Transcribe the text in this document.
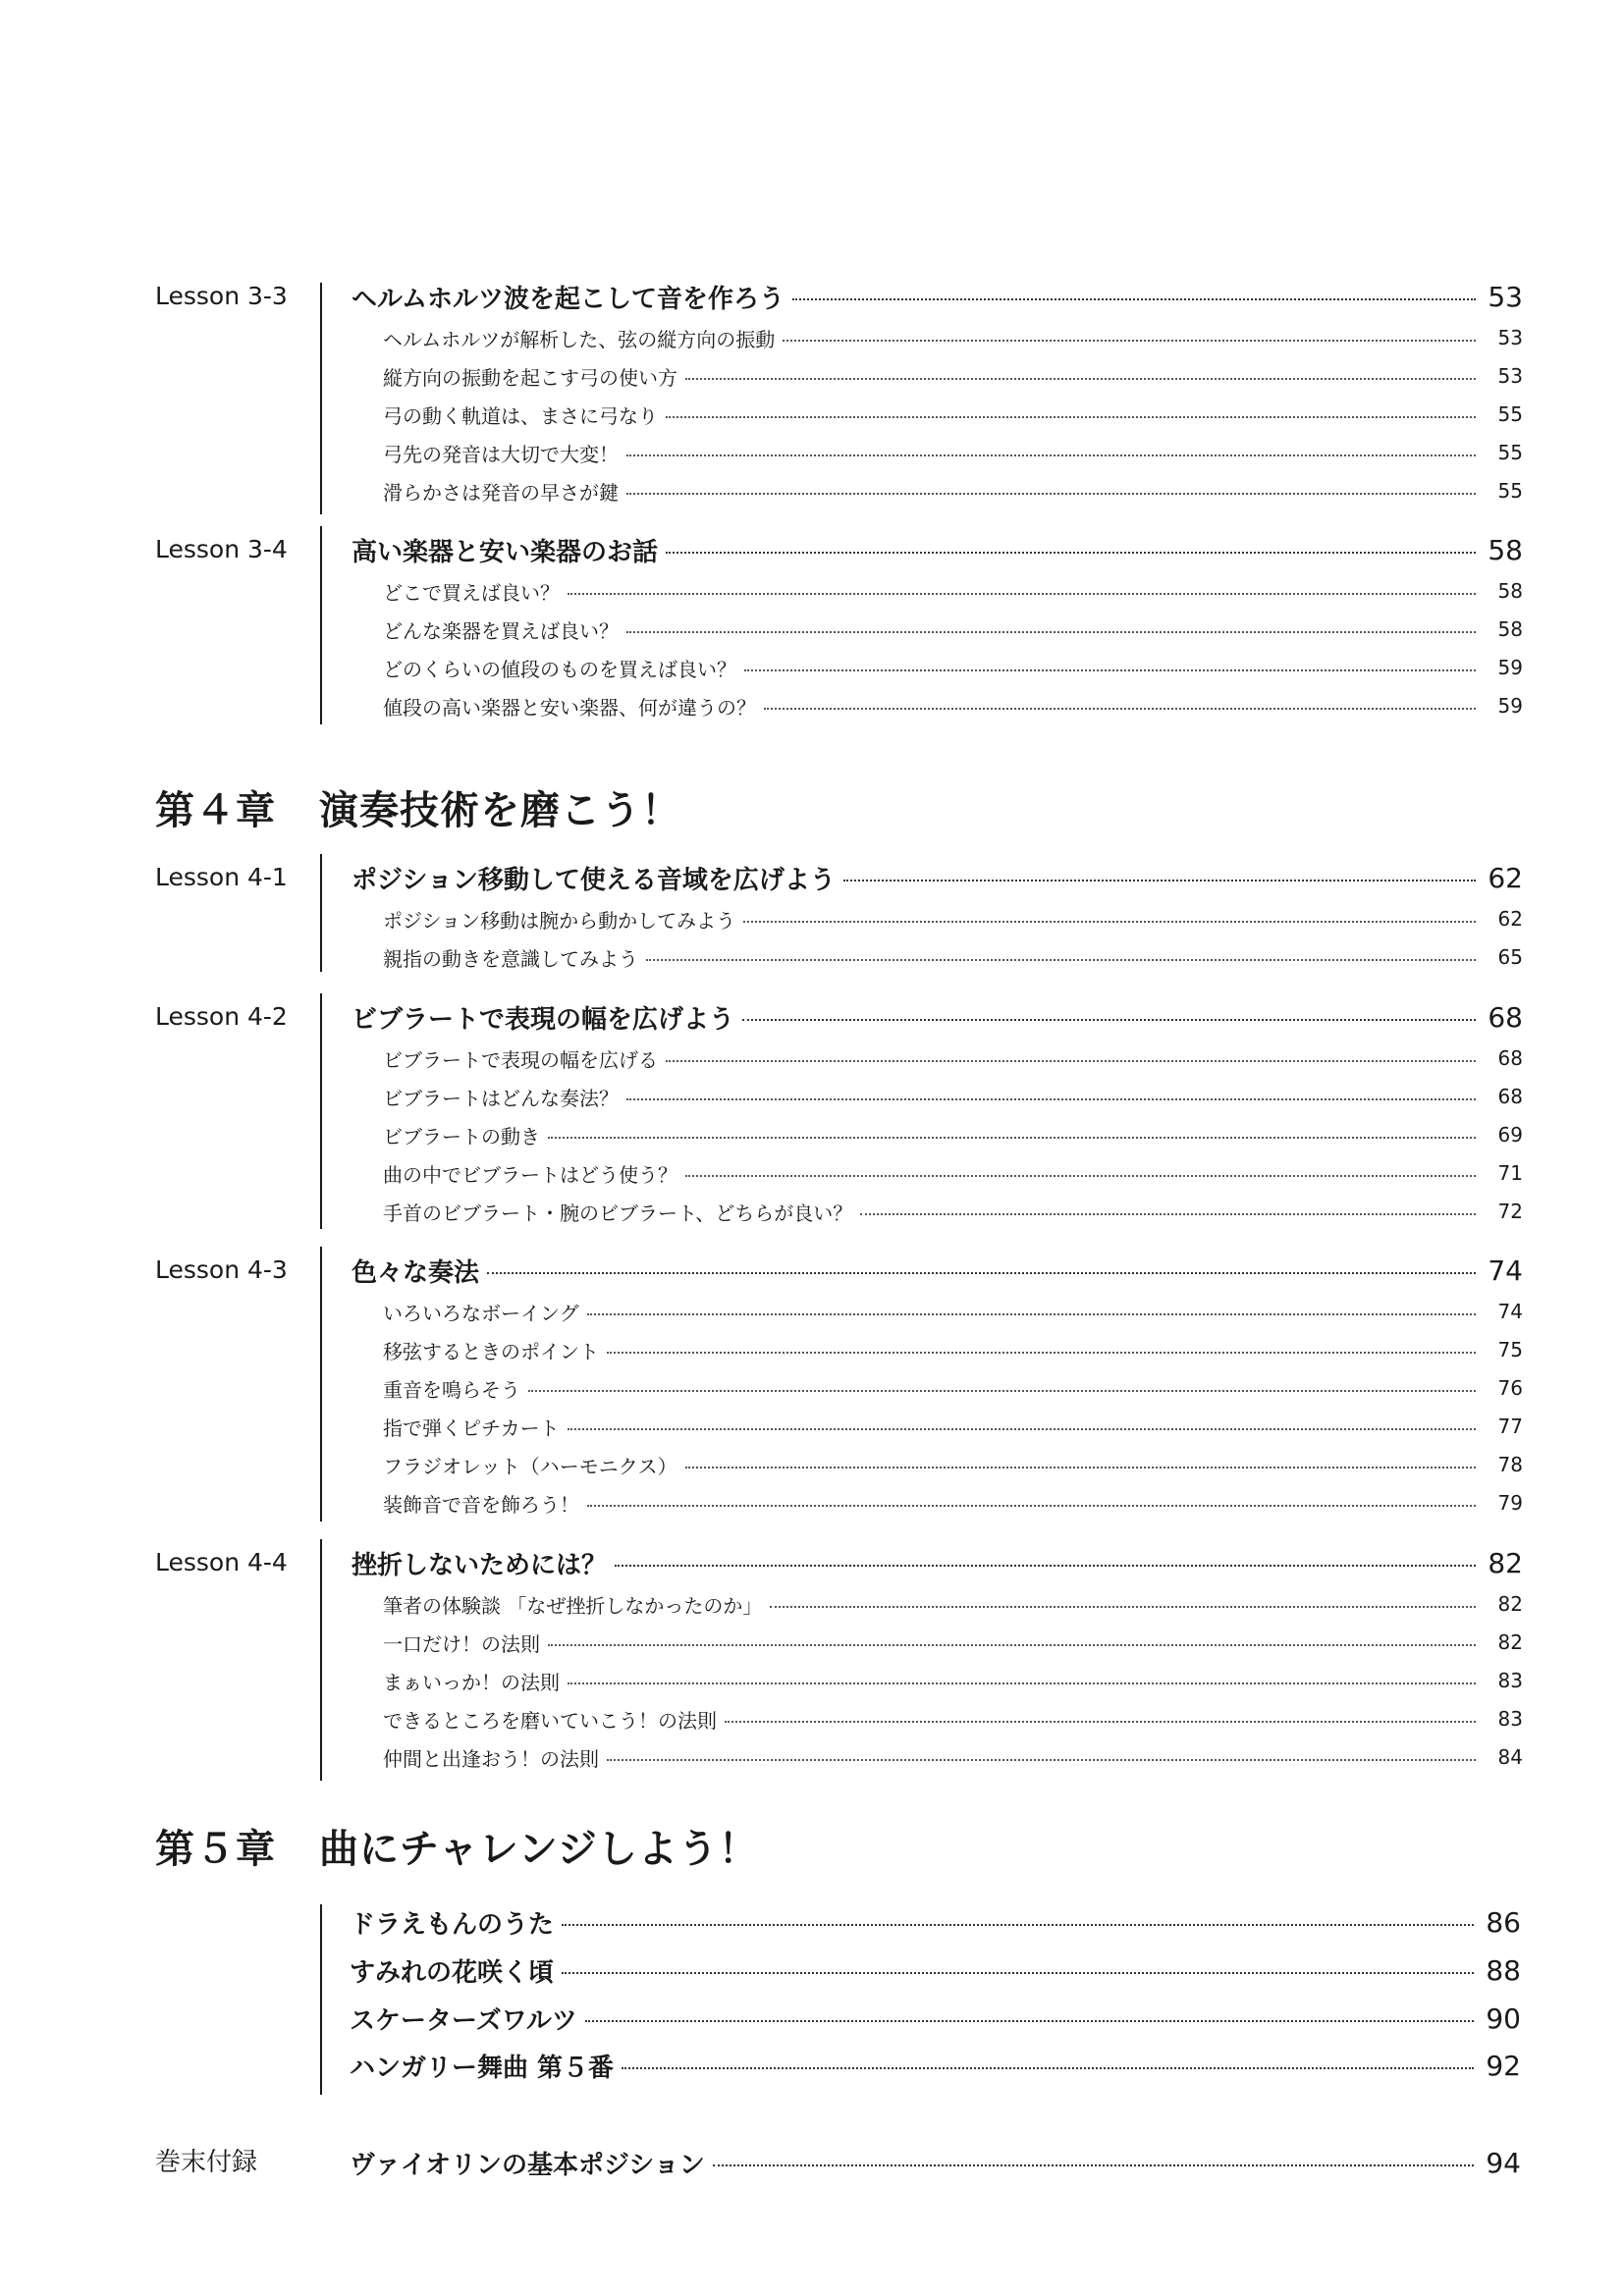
Lesson 3-3	ヘルムホルツ波を起こして音を作ろう	53
ヘルムホルツが解析した、弦の縦方向の振動	53
縦方向の振動を起こす弓の使い方	53
弓の動く軌道は、まさに弓なり	55
弓先の発音は大切で大変！	55
滑らかさは発音の早さが鍵	55
Lesson 3-4	高い楽器と安い楽器のお話	58
どこで買えば良い？	58
どんな楽器を買えば良い？	58
どのくらいの値段のものを買えば良い？	59
値段の高い楽器と安い楽器、何が違うの？	59
第４章 演奏技術を磨こう！
Lesson 4-1	ポジション移動して使える音域を広げよう	62
ポジション移動は腕から動かしてみよう	62
親指の動きを意識してみよう	65
Lesson 4-2	ビブラートで表現の幅を広げよう	68
ビブラートで表現の幅を広げる	68
ビブラートはどんな奏法？	68
ビブラートの動き	69
曲の中でビブラートはどう使う？	71
手首のビブラート・腕のビブラート、どちらが良い？	72
Lesson 4-3	色々な奏法	74
いろいろなボーイング	74
移弦するときのポイント	75
重音を鳴らそう	76
指で弾くピチカート	77
フラジオレット（ハーモニクス）	78
装飾音で音を飾ろう！	79
Lesson 4-4	挫折しないためには？	82
筆者の体験談 「なぜ挫折しなかったのか」	82
一口だけ！の法則	82
まぁいっか！の法則	83
できるところを磨いていこう！の法則	83
仲間と出逢おう！の法則	84
第５章 曲にチャレンジしよう！
ドラえもんのうた	86
すみれの花咲く頃	88
スケーターズワルツ	90
ハンガリー舞曲 第５番	92
巻末付録	ヴァイオリンの基本ポジション	94
